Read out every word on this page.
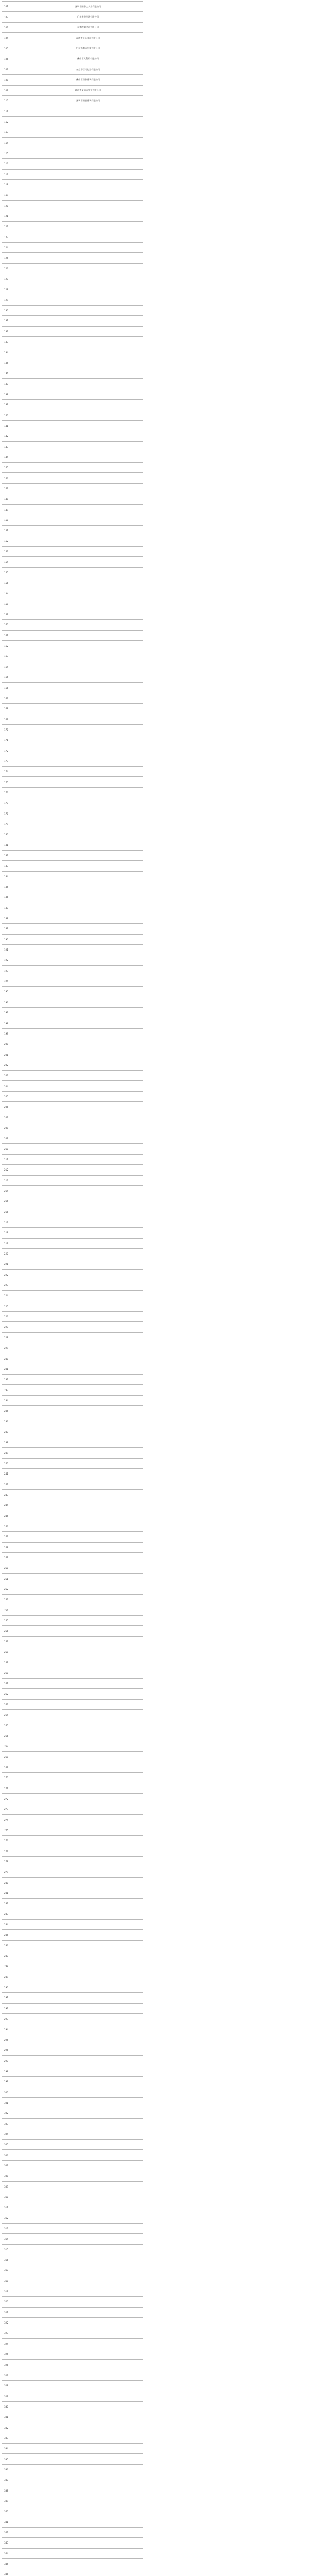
101	深圳市国泰达实业有限公司
102	广东景隆建筑有限公司
103	东莞的朗建筑有限公司
104	深圳市恒隆建筑有限公司
105	广东协鹏达科技有限公司
106	佛山市贝利特有限公司
107	东莞市旺兴电器有限公司
108	佛山市翔泰建筑有限公司
109	珠海市盈信达实业有限公司
110	深圳市国通建筑有限公司
111
112
113
114
115
116
117
118
119
120
121
122
123
124
125
126
127
128
129
130
131
132
133
134
135
136
137
138
139
140
141
142
143
144
145
146
147
148
149
150
151
152
153
154
155
156
157
158
159
160
161
162
163
164
165
166
167
168
169
170
171
172
173
174
175
176
177
178
179
180
181
182
183
184
185
186
187
188
189
190
191
192
193
194
195
196
197
198
199
200
201
202
203
204
205
206
207
208
209
210
211
212
213
214
215
216
217
218
219
220
221
222
223
224
225
226
227
228
229
230
231
232
233
234
235
236
237
238
239
240
241
242
243
244
245
246
247
248
249
250
251
252
253
254
255
256
257
258
259
260
261
262
263
264
265
266
267
268
269
270
271
272
273
274
275
276
277
278
279
280
281
282
283
284
285
286
287
288
289
290
291
292
293
294
295
296
297
298
299
300
301
302
303
304
305
306
307
308
309
310
311
312
313
314
315
316
317
318
319
320
321
322
323
324
325
326
327
328
329
330
331
332
333
334
335
336
337
338
339
340
341
342
343
344
345
346
